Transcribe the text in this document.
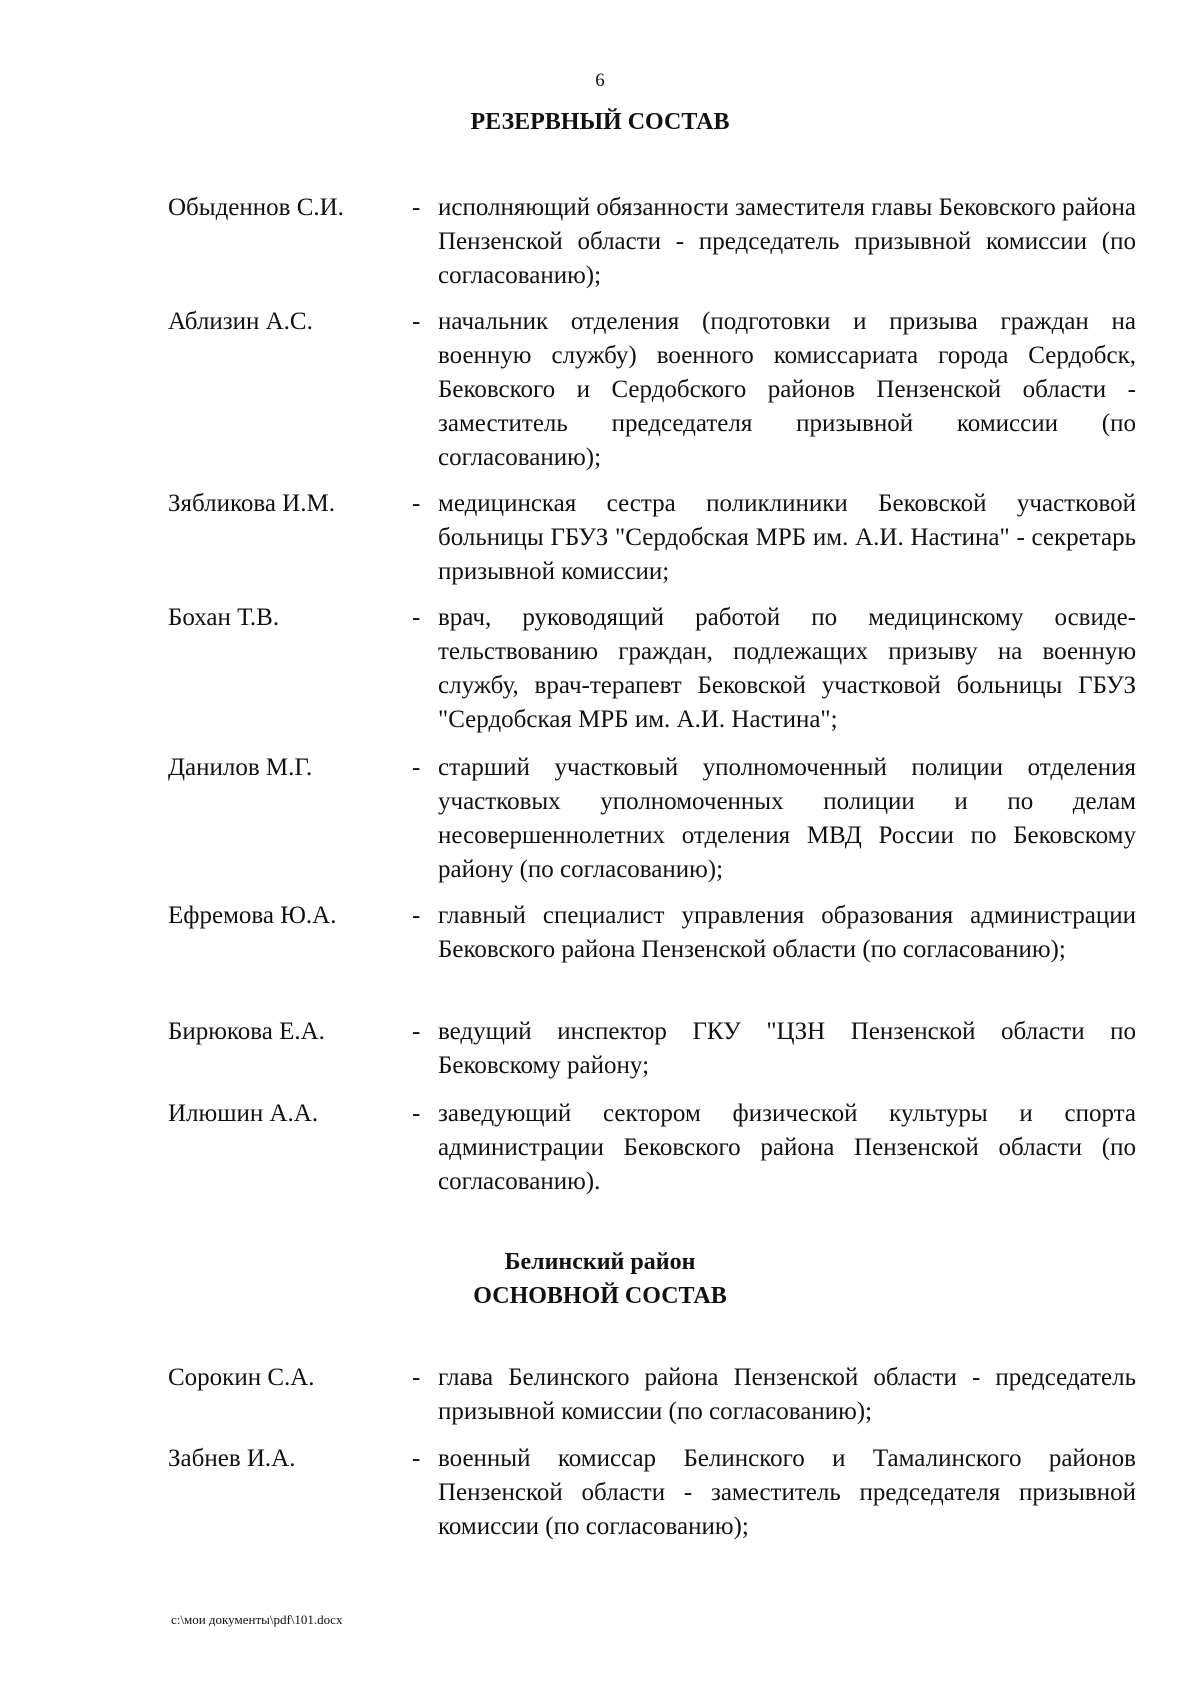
6
РЕЗЕРВНЫЙ СОСТАВ
Обыденнов С.И.	- исполняющий обязанности заместителя главы Бековского района Пензенской области - председатель призывной комиссии (по согласованию);
Аблизин А.С.	- начальник отделения (подготовки и призыва граждан на военную службу) военного комиссариата города Сердобск, Бековского и Сердобского районов Пензенской области - заместитель председателя призывной комиссии (по согласованию);
Зябликова И.М.	- медицинская сестра поликлиники Бековской участковой больницы ГБУЗ "Сердобская МРБ им. А.И. Настина" - секретарь призывной комиссии;
Бохан Т.В.	- врач, руководящий работой по медицинскому освидетельствованию граждан, подлежащих призыву на военную службу, врач-терапевт Бековской участковой больницы ГБУЗ "Сердобская МРБ им. А.И. Настина";
Данилов М.Г.	- старший участковый уполномоченный полиции отделения участковых уполномоченных полиции и по делам несовершеннолетних отделения МВД России по Бековскому району (по согласованию);
Ефремова Ю.А.	- главный специалист управления образования администрации Бековского района Пензенской области (по согласованию);
Бирюкова Е.А.	- ведущий инспектор ГКУ "ЦЗН Пензенской области по Бековскому району;
Илюшин А.А.	- заведующий сектором физической культуры и спорта администрации Бековского района Пензенской области (по согласованию).
Белинский район
ОСНОВНОЙ СОСТАВ
Сорокин С.А.	- глава Белинского района Пензенской области - председатель призывной комиссии (по согласованию);
Забнев И.А.	- военный комиссар Белинского и Тамалинского районов Пензенской области - заместитель председателя призывной комиссии (по согласованию);
c:\мои документы\pdf\101.docx
